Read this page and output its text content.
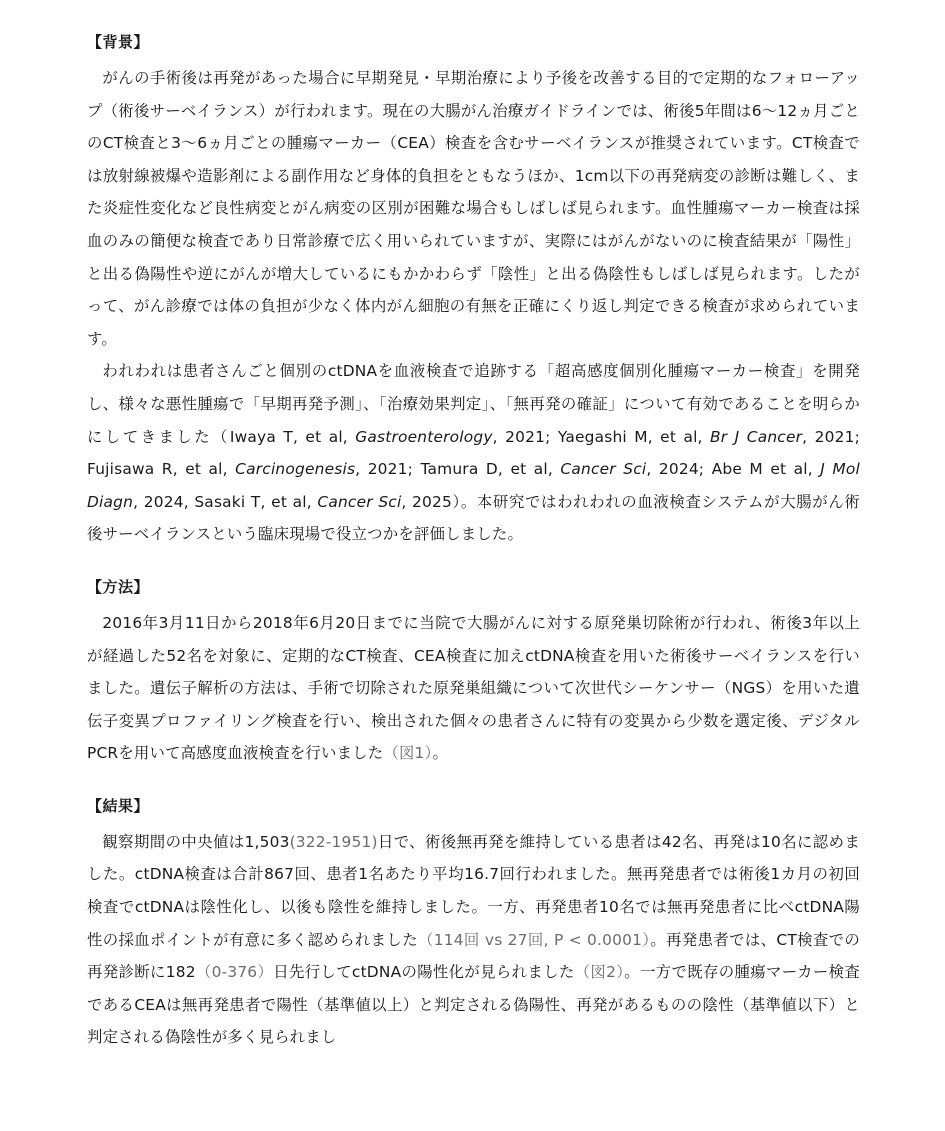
【背景】

がんの手術後は再発があった場合に早期発見・早期治療により予後を改善する目的で定期的なフォローアップ（術後サーベイランス）が行われます。現在の大腸がん治療ガイドラインでは、術後5年間は6〜12ヵ月ごとのCT検査と3〜6ヵ月ごとの腫瘍マーカー（CEA）検査を含むサーベイランスが推奨されています。CT検査では放射線被爆や造影剤による副作用など身体的負担をともなうほか、1cm以下の再発病変の診断は難しく、また炎症性変化など良性病変とがん病変の区別が困難な場合もしばしば見られます。血性腫瘍マーカー検査は採血のみの簡便な検査であり日常診療で広く用いられていますが、実際にはがんがないのに検査結果が「陽性」と出る偽陽性や逆にがんが増大しているにもかかわらず「陰性」と出る偽陰性もしばしば見られます。したがって、がん診療では体の負担が少なく体内がん細胞の有無を正確にくり返し判定できる検査が求められています。

われわれは患者さんごと個別のctDNAを血液検査で追跡する「超高感度個別化腫瘍マーカー検査」を開発し、様々な悪性腫瘍で「早期再発予測」、「治療効果判定」、「無再発の確証」について有効であることを明らかにしてきました（Iwaya T, et al, Gastroenterology, 2021; Yaegashi M, et al, Br J Cancer, 2021; Fujisawa R, et al, Carcinogenesis, 2021; Tamura D, et al, Cancer Sci, 2024; Abe M et al, J Mol Diagn, 2024, Sasaki T, et al, Cancer Sci, 2025）。本研究ではわれわれの血液検査システムが大腸がん術後サーベイランスという臨床現場で役立つかを評価しました。

【方法】

2016年3月11日から2018年6月20日までに当院で大腸がんに対する原発巣切除術が行われ、術後3年以上が経過した52名を対象に、定期的なCT検査、CEA検査に加えctDNA検査を用いた術後サーベイランスを行いました。遺伝子解析の方法は、手術で切除された原発巣組織について次世代シーケンサー（NGS）を用いた遺伝子変異プロファイリング検査を行い、検出された個々の患者さんに特有の変異から少数を選定後、デジタルPCRを用いて高感度血液検査を行いました（図1）。

【結果】

観察期間の中央値は1,503(322-1951)日で、術後無再発を維持している患者は42名、再発は10名に認めました。ctDNA検査は合計867回、患者1名あたり平均16.7回行われました。無再発患者では術後1カ月の初回検査でctDNAは陰性化し、以後も陰性を維持しました。一方、再発患者10名では無再発患者に比べctDNA陽性の採血ポイントが有意に多く認められました（114回 vs 27回, P < 0.0001）。再発患者では、CT検査での再発診断に182（0-376）日先行してctDNAの陽性化が見られました（図2）。一方で既存の腫瘍マーカー検査であるCEAは無再発患者で陽性（基準値以上）と判定される偽陽性、再発があるものの陰性（基準値以下）と判定される偽陰性が多く見られまし
